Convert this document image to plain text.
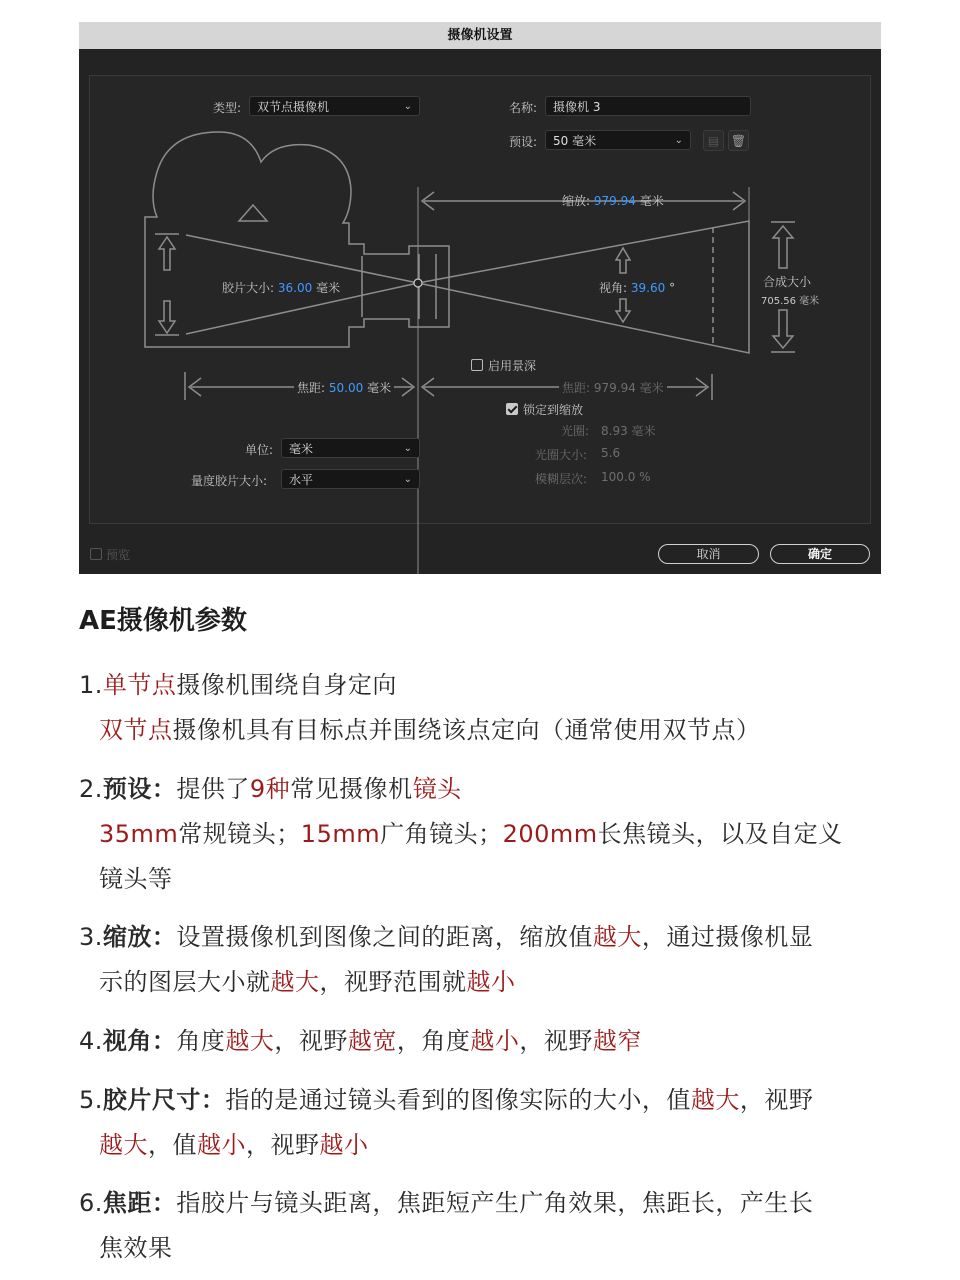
摄像机设置
类型:	双节点摄像机	⌄	名称:	摄像机 3
预设:	50 毫米	⌄	▤ 🗑
缩放: 979.94 毫米
胶片大小: 36.00 毫米	视角: 39.60 °	合成大小
705.56 毫米
启用景深
焦距: 50.00 毫米	焦距: 979.94 毫米
锁定到缩放
光圈: 8.93 毫米
光圈大小: 5.6
模糊层次: 100.0 %
单位:	毫米	⌄
量度胶片大小:	水平	⌄
预览	取消	确定
AE摄像机参数
1.单节点摄像机围绕自身定向
双节点摄像机具有目标点并围绕该点定向（通常使用双节点）
2.预设：提供了9种常见摄像机镜头
35mm常规镜头；15mm广角镜头；200mm长焦镜头，以及自定义
镜头等
3.缩放：设置摄像机到图像之间的距离，缩放值越大，通过摄像机显
示的图层大小就越大，视野范围就越小
4.视角：角度越大，视野越宽，角度越小，视野越窄
5.胶片尺寸：指的是通过镜头看到的图像实际的大小，值越大，视野
越大，值越小，视野越小
6.焦距：指胶片与镜头距离，焦距短产生广角效果，焦距长，产生长
焦效果
